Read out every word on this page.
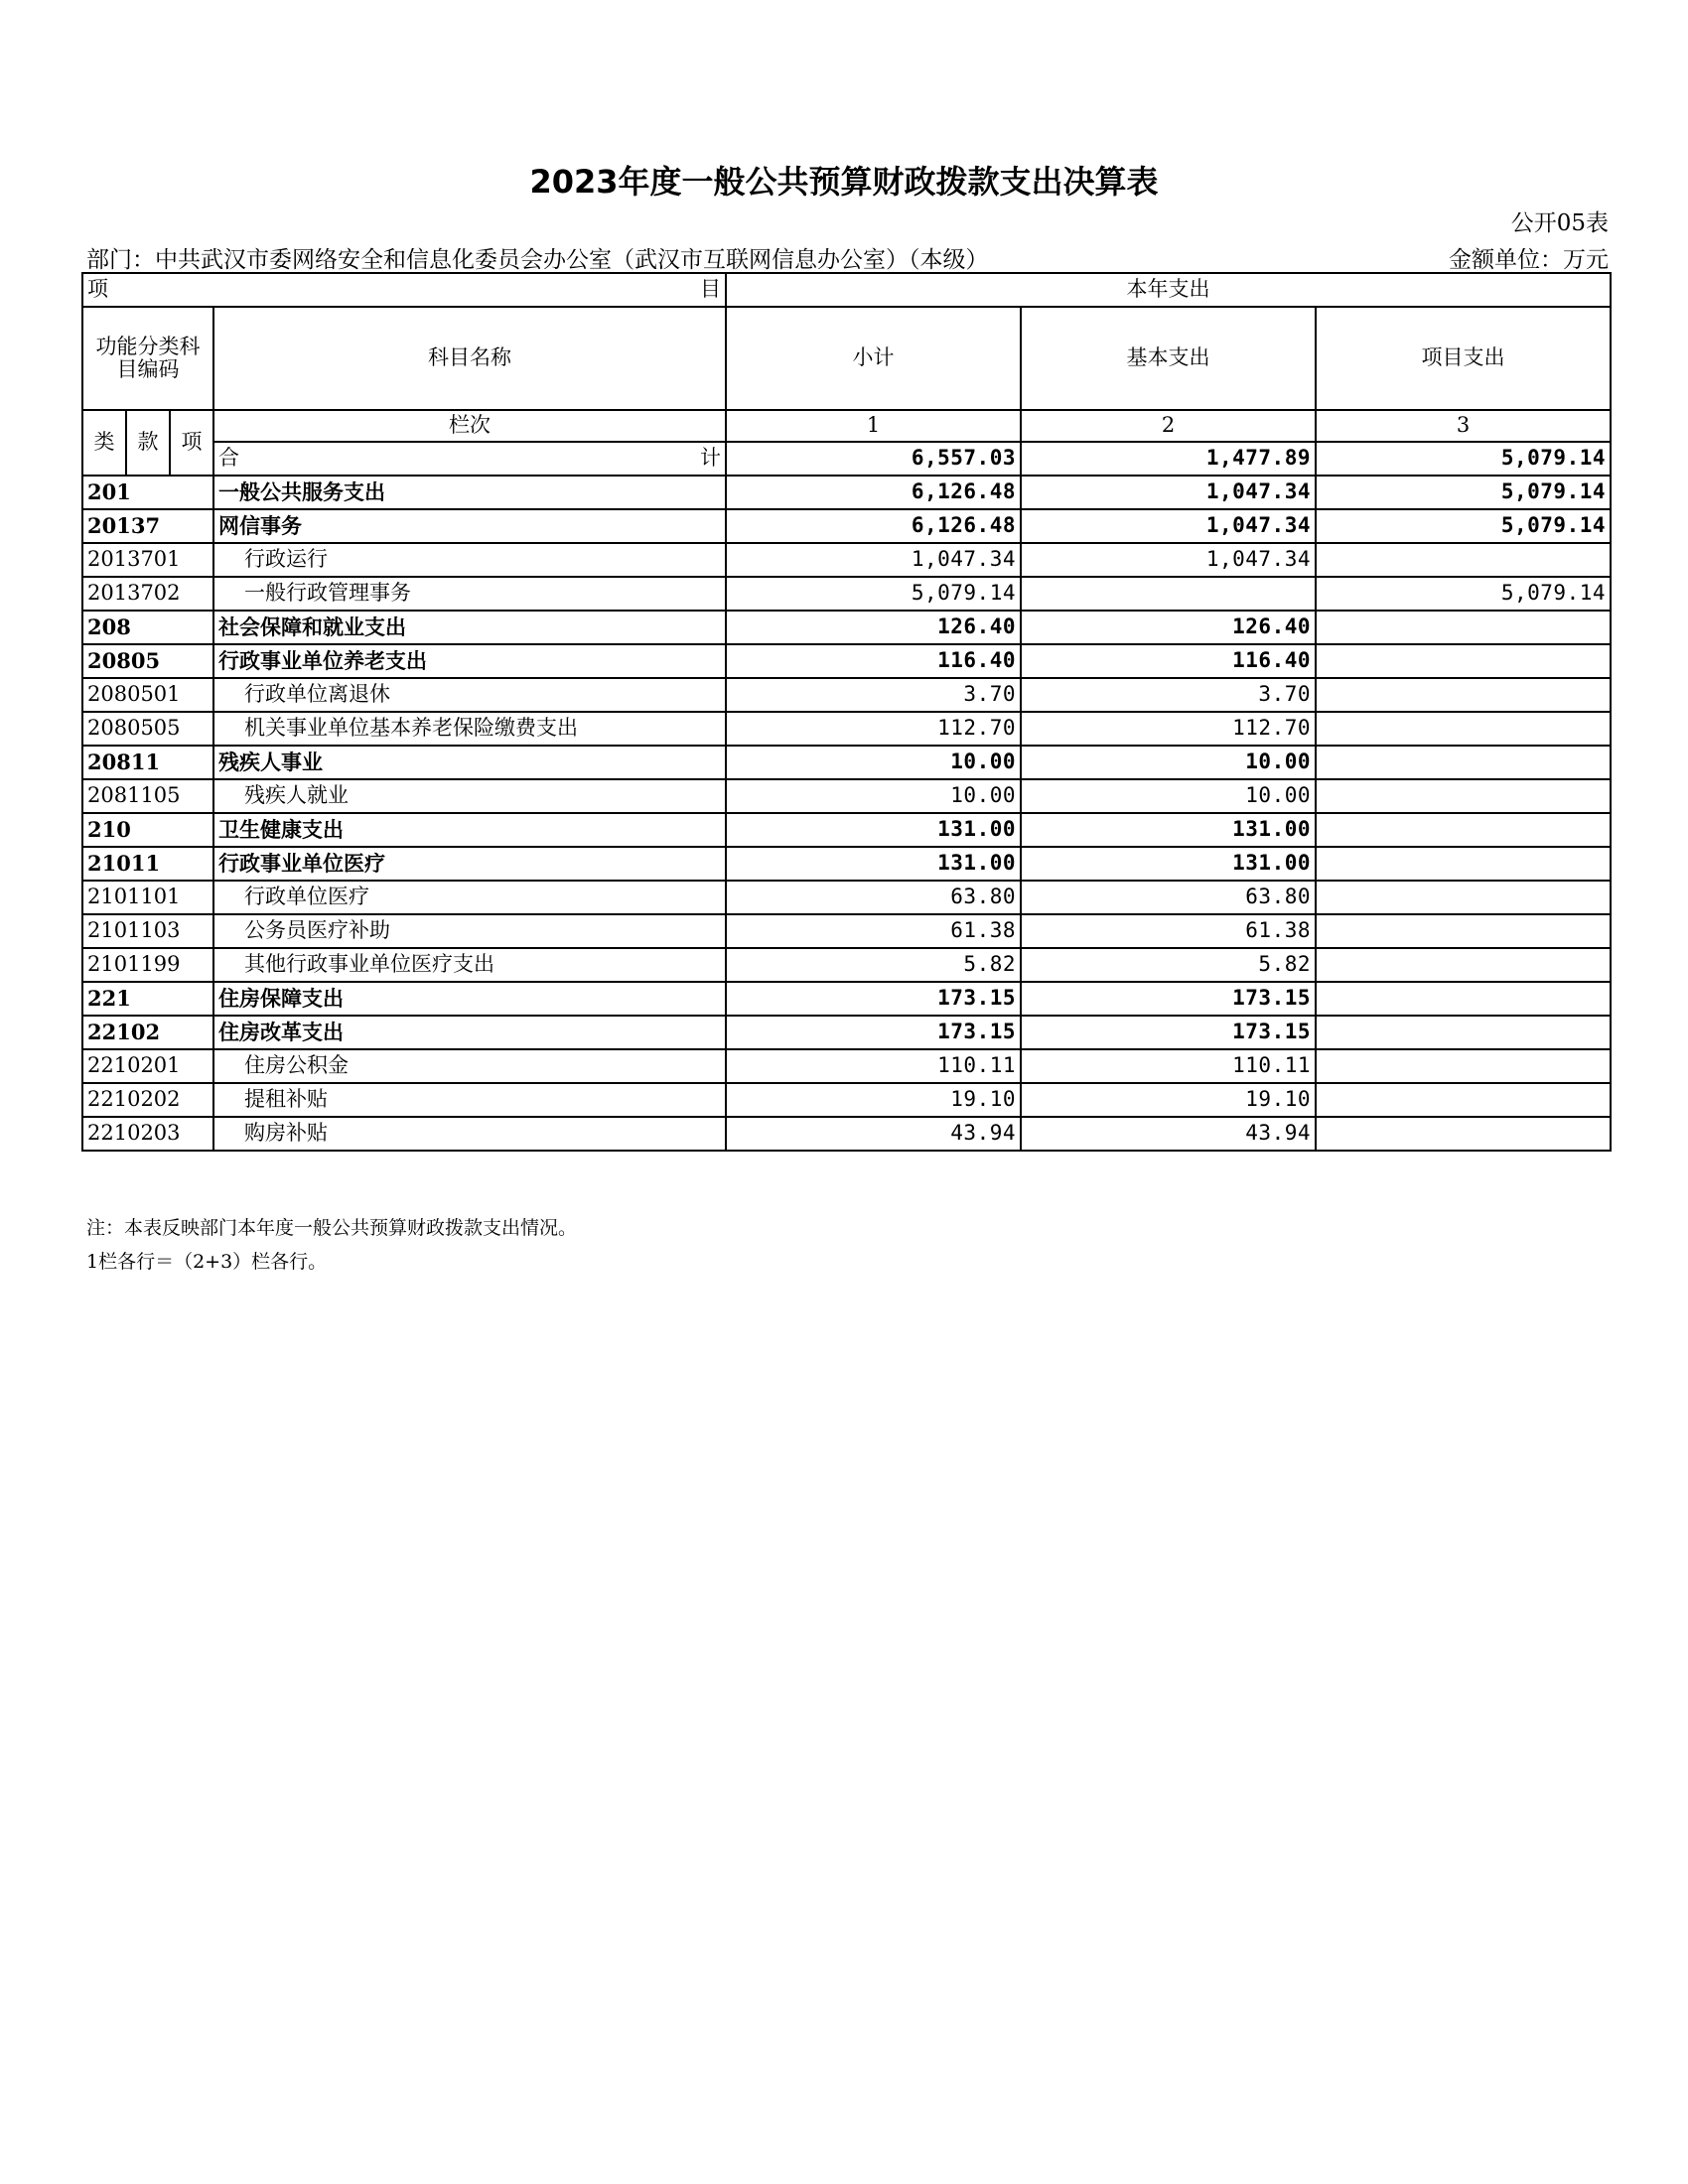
2023年度一般公共预算财政拨款支出决算表
公开05表
部门：中共武汉市委网络安全和信息化委员会办公室（武汉市互联网信息办公室）（本级）	金额单位：万元
项 目				本年支出		
功能分类科目编码			科目名称	小计	基本支出	项目支出
类	款	项	栏次	1	2	3

			合 计	6,557.03	1,477.89	5,079.14
201			一般公共服务支出	6,126.48	1,047.34	5,079.14
20137			网信事务	6,126.48	1,047.34	5,079.14
2013701			行政运行	1,047.34	1,047.34	
2013702			一般行政管理事务	5,079.14		5,079.14
208			社会保障和就业支出	126.40	126.40	
20805			行政事业单位养老支出	116.40	116.40	
2080501			行政单位离退休	3.70	3.70	
2080505			机关事业单位基本养老保险缴费支出	112.70	112.70	
20811			残疾人事业	10.00	10.00	
2081105			残疾人就业	10.00	10.00	
210			卫生健康支出	131.00	131.00	
21011			行政事业单位医疗	131.00	131.00	
2101101			行政单位医疗	63.80	63.80	
2101103			公务员医疗补助	61.38	61.38	
2101199			其他行政事业单位医疗支出	5.82	5.82	
221			住房保障支出	173.15	173.15	
22102			住房改革支出	173.15	173.15	
2210201			住房公积金	110.11	110.11	
2210202			提租补贴	19.10	19.10	
2210203			购房补贴	43.94	43.94	
注：本表反映部门本年度一般公共预算财政拨款支出情况。
1栏各行＝（2+3）栏各行。
